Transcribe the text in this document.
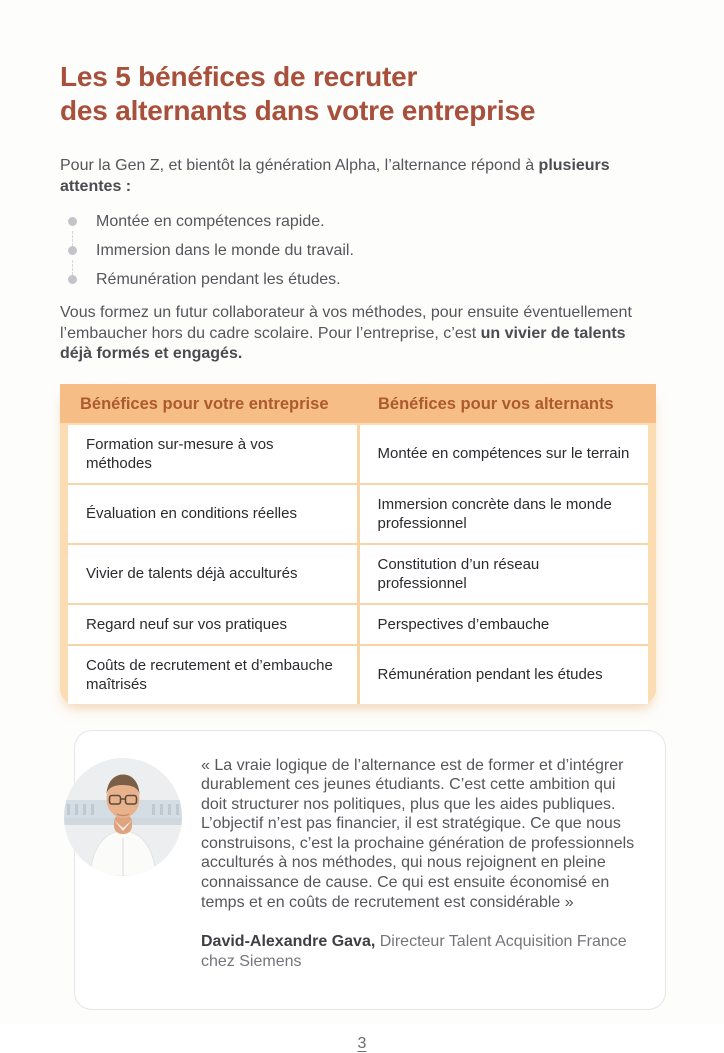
Les 5 bénéfices de recruter
des alternants dans votre entreprise

Pour la Gen Z, et bientôt la génération Alpha, l’alternance répond à plusieurs attentes :

Montée en compétences rapide.
Immersion dans le monde du travail.
Rémunération pendant les études.

Vous formez un futur collaborateur à vos méthodes, pour ensuite éventuellement l’embaucher hors du cadre scolaire. Pour l’entreprise, c’est un vivier de talents déjà formés et engagés.

Bénéfices pour votre entreprise	Bénéfices pour vos alternants
Formation sur-mesure à vos méthodes
Montée en compétences sur le terrain
Évaluation en conditions réelles
Immersion concrète dans le monde professionnel
Vivier de talents déjà acculturés
Constitution d’un réseau professionnel
Regard neuf sur vos pratiques	Perspectives d’embauche
Coûts de recrutement et d’embauche maîtrisés
Rémunération pendant les études

« La vraie logique de l’alternance est de former et d’intégrer durablement ces jeunes étudiants. C’est cette ambition qui doit structurer nos politiques, plus que les aides publiques. L’objectif n’est pas financier, il est stratégique. Ce que nous construisons, c’est la prochaine génération de professionnels acculturés à nos méthodes, qui nous rejoignent en pleine connaissance de cause. Ce qui est ensuite économisé en temps et en coûts de recrutement est considérable »

David-Alexandre Gava, Directeur Talent Acquisition France chez Siemens

3
